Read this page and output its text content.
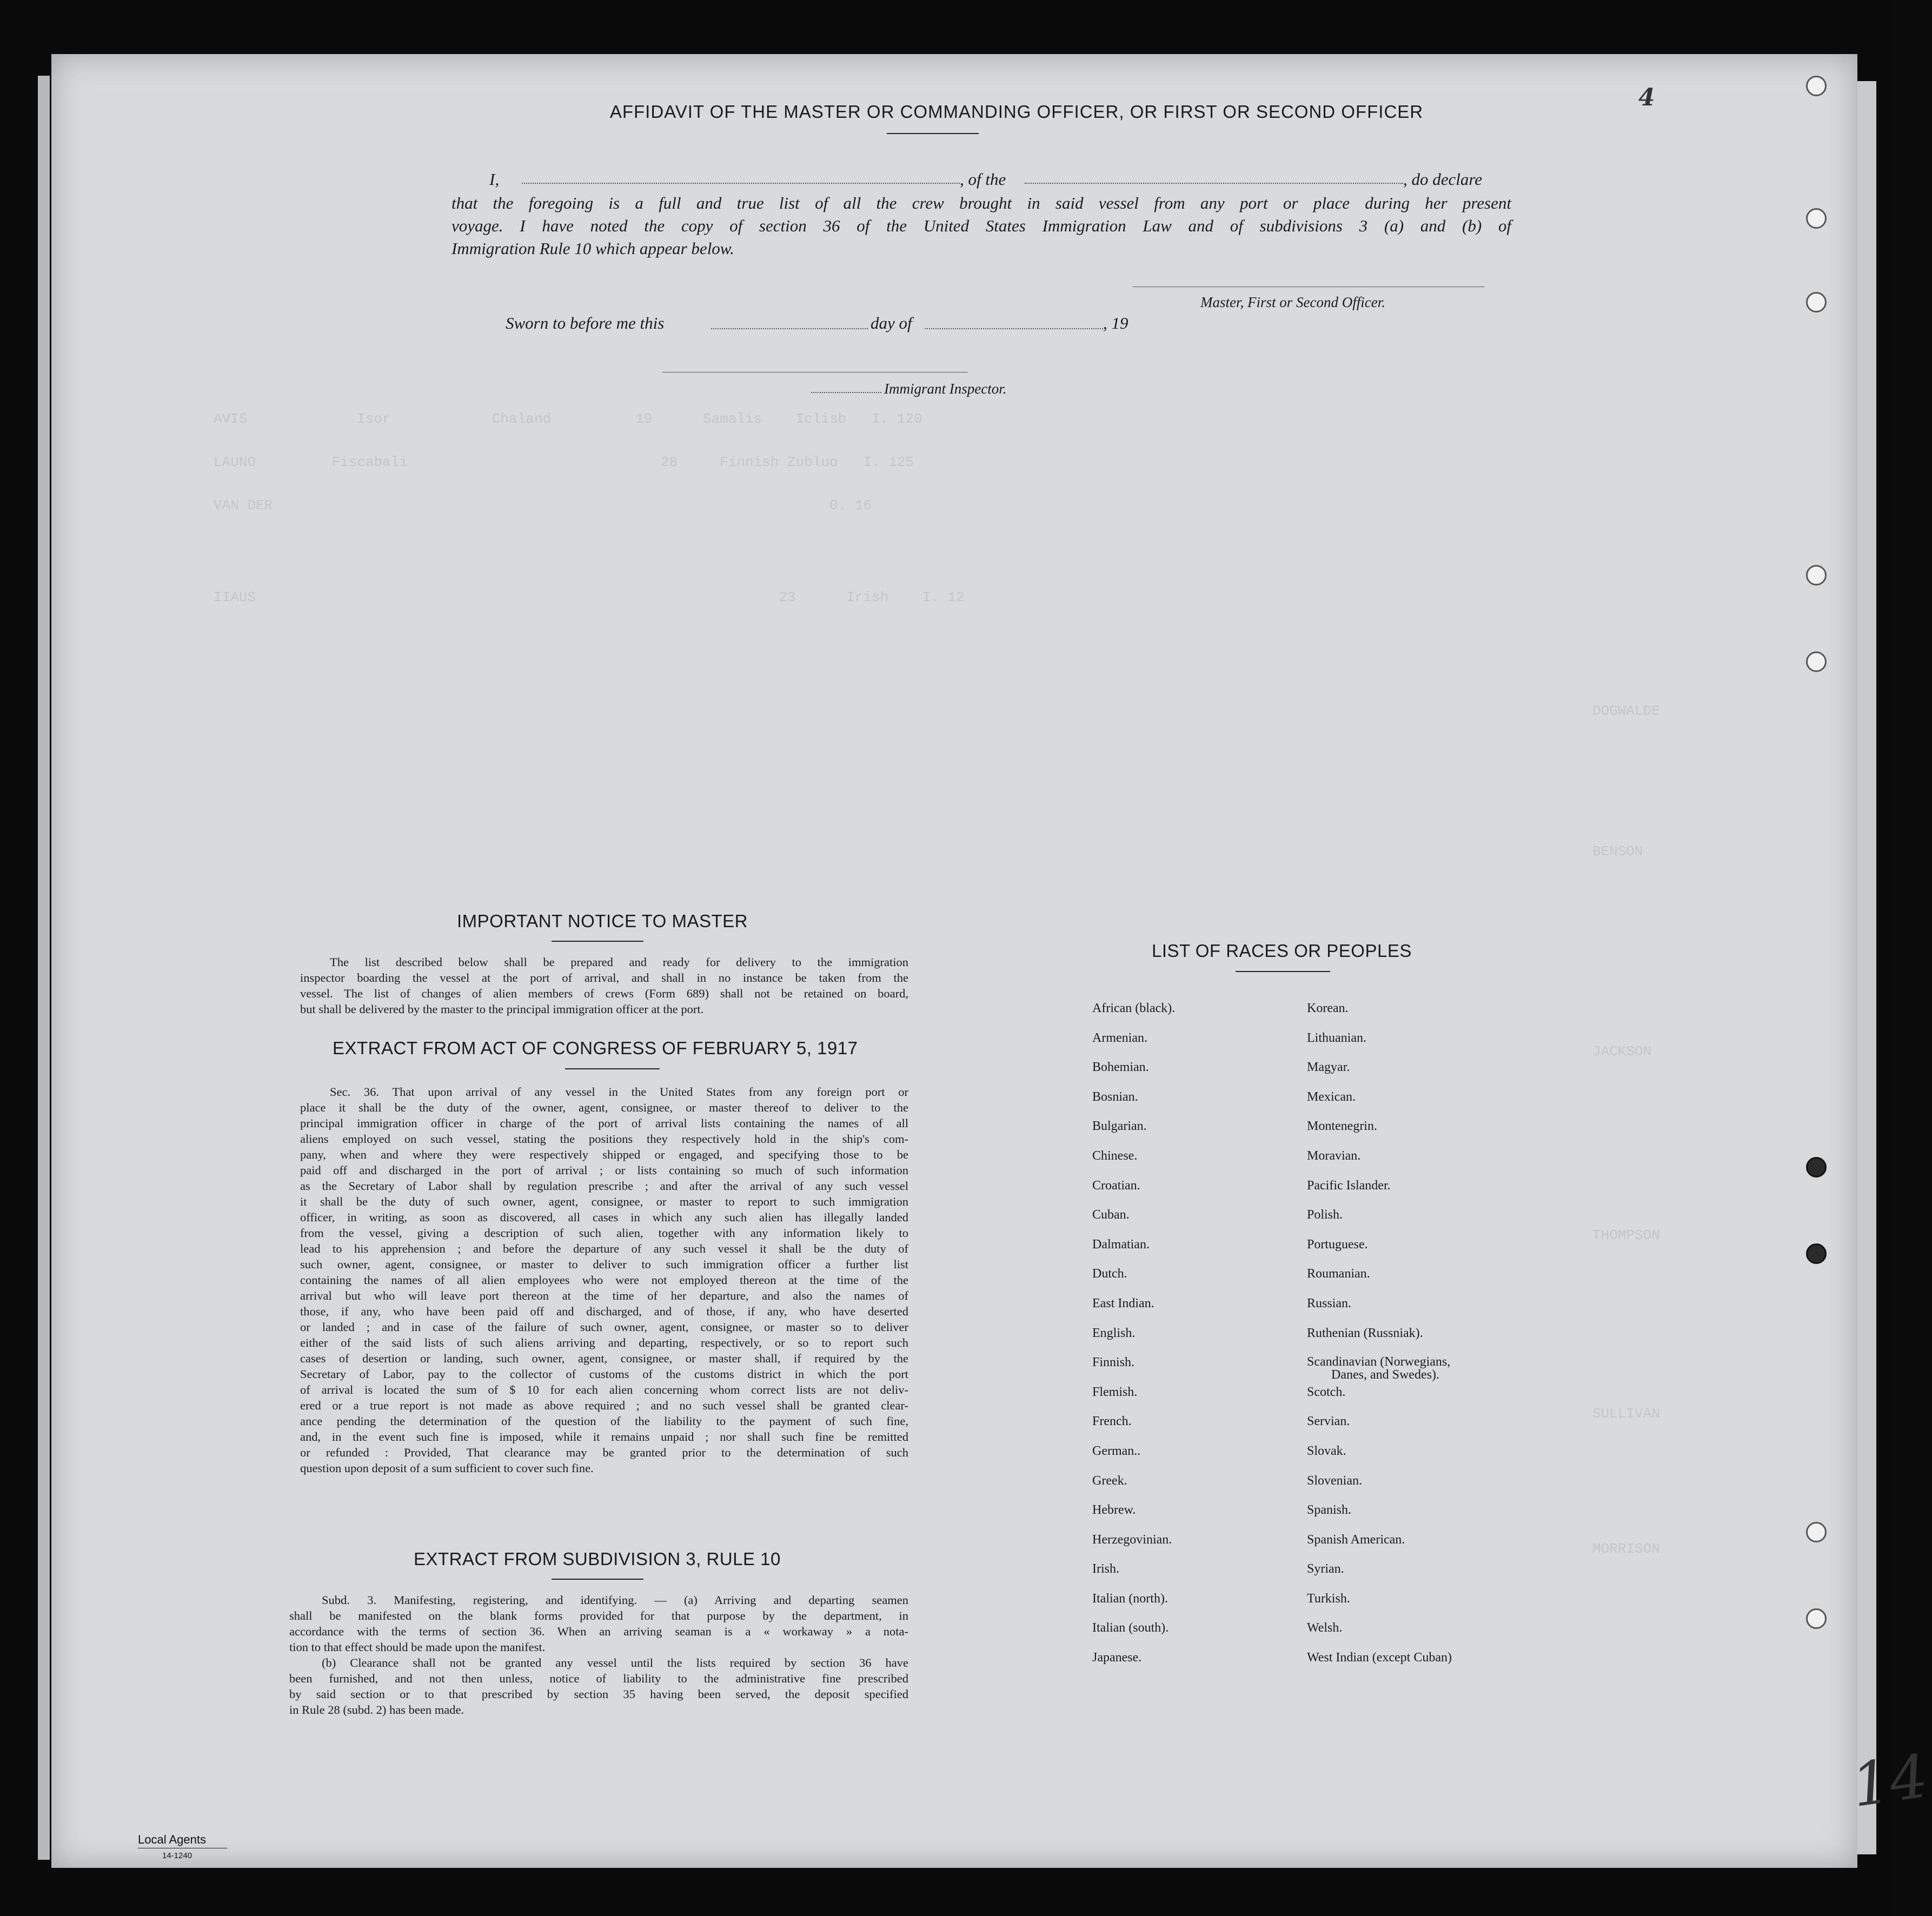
AVIS             Isor            Chaland          19      Samalis    Iclisb   I. 120
LAUNO         Fiscabali                              28     Finnish Zubluo   I. 125
VAN DER                                                                  0. 16
IIAUS                                                              23      Irish    I. 12
DOGWALDE
BENSON
JACKSON
THOMPSON
SULLIVAN
MORRISON
AFFIDAVIT OF THE MASTER OR COMMANDING OFFICER, OR FIRST OR SECOND OFFICER
I,	, of the	, do declare
that the foregoing is a full and true list of all the crew brought in said vessel from any port or place during her present
voyage. I have noted the copy of section 36 of the United States Immigration Law and of subdivisions 3 (a) and (b) of
Immigration Rule 10 which appear below.
Master, First or Second Officer.
Sworn to before me this	day of	, 19
Immigrant Inspector.
IMPORTANT NOTICE TO MASTER
The list described below shall be prepared and ready for delivery to the immigration
inspector boarding the vessel at the port of arrival, and shall in no instance be taken from the
vessel. The list of changes of alien members of crews (Form 689) shall not be retained on board,
but shall be delivered by the master to the principal immigration officer at the port.
EXTRACT FROM ACT OF CONGRESS OF FEBRUARY 5, 1917
Sec. 36. That upon arrival of any vessel in the United States from any foreign port or
place it shall be the duty of the owner, agent, consignee, or master thereof to deliver to the
principal immigration officer in charge of the port of arrival lists containing the names of all
aliens employed on such vessel, stating the positions they respectively hold in the ship's com-
pany, when and where they were respectively shipped or engaged, and specifying those to be
paid off and discharged in the port of arrival ; or lists containing so much of such information
as the Secretary of Labor shall by regulation prescribe ; and after the arrival of any such vessel
it shall be the duty of such owner, agent, consignee, or master to report to such immigration
officer, in writing, as soon as discovered, all cases in which any such alien has illegally landed
from the vessel, giving a description of such alien, together with any information likely to
lead to his apprehension ; and before the departure of any such vessel it shall be the duty of
such owner, agent, consignee, or master to deliver to such immigration officer a further list
containing the names of all alien employees who were not employed thereon at the time of the
arrival but who will leave port thereon at the time of her departure, and also the names of
those, if any, who have been paid off and discharged, and of those, if any, who have deserted
or landed ; and in case of the failure of such owner, agent, consignee, or master so to deliver
either of the said lists of such aliens arriving and departing, respectively, or so to report such
cases of desertion or landing, such owner, agent, consignee, or master shall, if required by the
Secretary of Labor, pay to the collector of customs of the customs district in which the port
of arrival is located the sum of $ 10 for each alien concerning whom correct lists are not deliv-
ered or a true report is not made as above required ; and no such vessel shall be granted clear-
ance pending the determination of the question of the liability to the payment of such fine,
and, in the event such fine is imposed, while it remains unpaid ; nor shall such fine be remitted
or refunded : Provided, That clearance may be granted prior to the determination of such
question upon deposit of a sum sufficient to cover such fine.
EXTRACT FROM SUBDIVISION 3, RULE 10
Subd. 3. Manifesting, registering, and identifying. — (a) Arriving and departing seamen
shall be manifested on the blank forms provided for that purpose by the department, in
accordance with the terms of section 36. When an arriving seaman is a « workaway » a nota-
tion to that effect should be made upon the manifest.
(b) Clearance shall not be granted any vessel until the lists required by section 36 have
been furnished, and not then unless, notice of liability to the administrative fine prescribed
by said section or to that prescribed by section 35 having been served, the deposit specified
in Rule 28 (subd. 2) has been made.
LIST OF RACES OR PEOPLES
African (black).
Armenian.
Bohemian.
Bosnian.
Bulgarian.
Chinese.
Croatian.
Cuban.
Dalmatian.
Dutch.
East Indian.
English.
Finnish.
Flemish.
French.
German..
Greek.
Hebrew.
Herzegovinian.
Irish.
Italian (north).
Italian (south).
Japanese.
Korean.
Lithuanian.
Magyar.
Mexican.
Montenegrin.
Moravian.
Pacific Islander.
Polish.
Portuguese.
Roumanian.
Russian.
Ruthenian (Russniak).
Scandinavian (Norwegians,
Danes, and Swedes).
Scotch.
Servian.
Slovak.
Slovenian.
Spanish.
Spanish American.
Syrian.
Turkish.
Welsh.
West Indian (except Cuban)
14
4
Local Agents
14-1240
